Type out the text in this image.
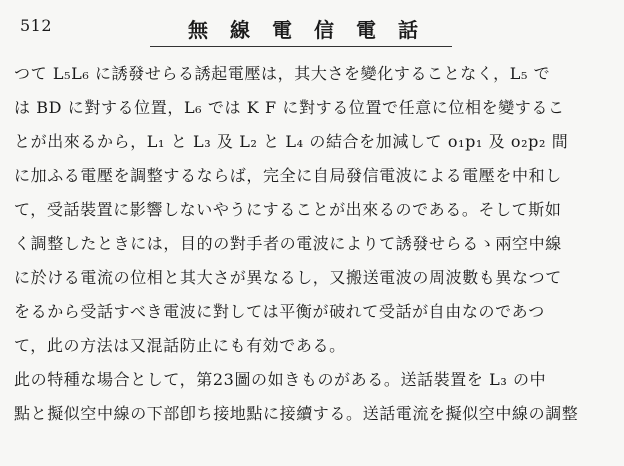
512	無線電信電話
つて L₅L₆ に誘發せらる誘起電壓は，其大さを變化することなく，L₅ で
は BD に對する位置，L₆ では K F に對する位置で任意に位相を變するこ
とが出來るから，L₁ と L₃ 及 L₂ と L₄ の結合を加減して o₁p₁ 及 o₂p₂ 間
に加ふる電壓を調整するならば，完全に自局發信電波による電壓を中和し
て，受話裝置に影響しないやうにすることが出來るのである。そして斯如
く調整したときには，目的の對手者の電波によりて誘發せらるゝ兩空中線
に於ける電流の位相と其大さが異なるし，又搬送電波の周波數も異なつて
をるから受話すべき電波に對しては平衡が破れて受話が自由なのであつ
て，此の方法は又混話防止にも有効である。
此の特種な場合として，第23圖の如きものがある。送話裝置を L₃ の中
點と擬似空中線の下部卽ち接地點に接續する。送話電流を擬似空中線の調整
